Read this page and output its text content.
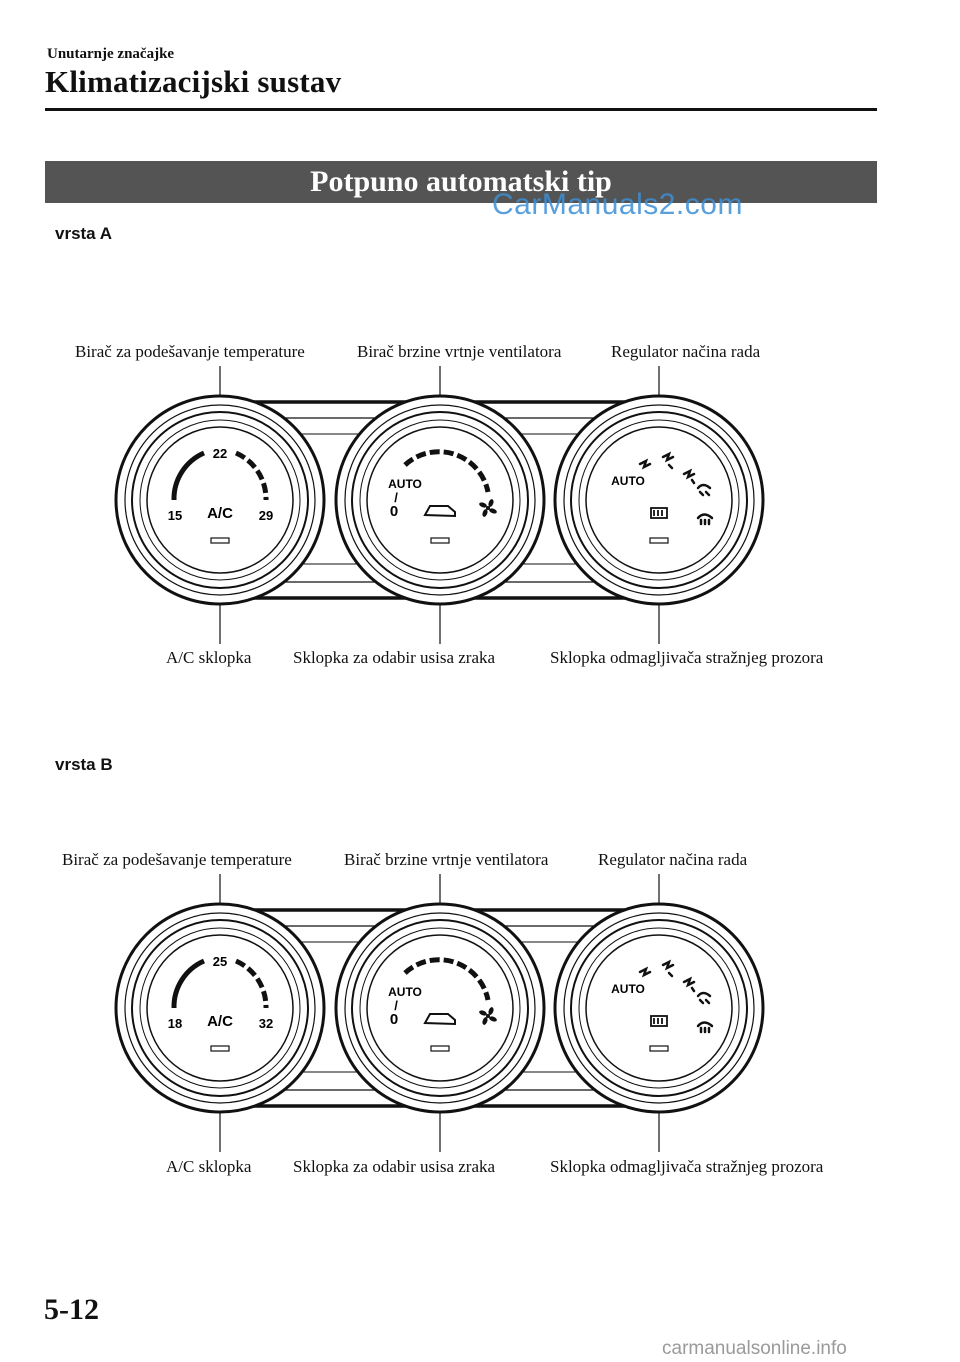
Unutarnje značajke
Klimatizacijski sustav
Potpuno automatski tip
CarManuals2.com
vrsta A
Birač za podešavanje temperature	Birač brzine vrtnje ventilatora	Regulator načina rada
A/C sklopka Sklopka za odabir usisa zraka	Sklopka odmagljivača stražnjeg prozora
22
15	29
A/C
AUTO
/
0
AUTO
vrsta B
Birač za podešavanje temperature	Birač brzine vrtnje ventilatora	Regulator načina rada
A/C sklopka Sklopka za odabir usisa zraka	Sklopka odmagljivača stražnjeg prozora
25
18	32
A/C
AUTO
/
0
AUTO
5-12
carmanualsonline.info
